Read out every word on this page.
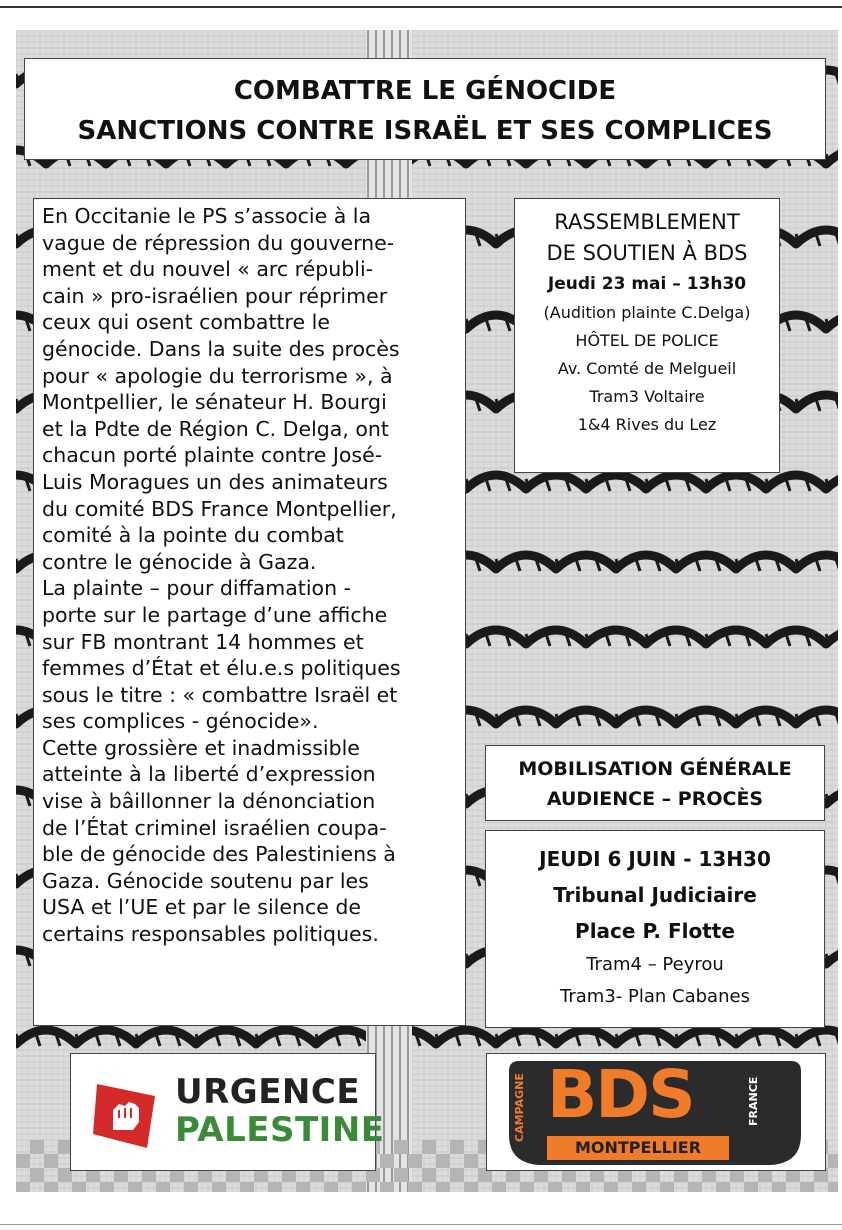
COMBATTRE LE GÉNOCIDE
SANCTIONS CONTRE ISRAËL ET SES COMPLICES

En Occitanie le PS s’associe à la

vague de répression du gouverne-

ment et du nouvel « arc républi-

cain » pro-israélien pour réprimer

ceux qui osent combattre le

génocide. Dans la suite des procès

pour « apologie du terrorisme », à

Montpellier, le sénateur H. Bourgi

et la Pdte de Région C. Delga, ont

chacun porté plainte contre José-

Luis Moragues un des animateurs

du comité BDS France Montpellier,

comité à la pointe du combat

contre le génocide à Gaza.

La plainte – pour diffamation -

porte sur le partage d’une affiche

sur FB montrant 14 hommes et

femmes d’État et élu.e.s politiques

sous le titre : « combattre Israël et

ses complices - génocide».

Cette grossière et inadmissible

atteinte à la liberté d’expression

vise à bâillonner la dénonciation

de l’État criminel israélien coupa-

ble de génocide des Palestiniens à

Gaza. Génocide soutenu par les

USA et l’UE et par le silence de

certains responsables politiques.

RASSEMBLEMENT
DE SOUTIEN À BDS
Jeudi 23 mai – 13h30
(Audition plainte C.Delga)
HÔTEL DE POLICE
Av. Comté de Melgueil
Tram3 Voltaire
1&4 Rives du Lez
MOBILISATION GÉNÉRALE
AUDIENCE – PROCÈS
JEUDI 6 JUIN - 13H30
Tribunal Judiciaire
Place P. Flotte
Tram4 – Peyrou
Tram3- Plan Cabanes
URGENCE
PALESTINE	CAMPAGNE BDS	FRANCE
MONTPELLIER
